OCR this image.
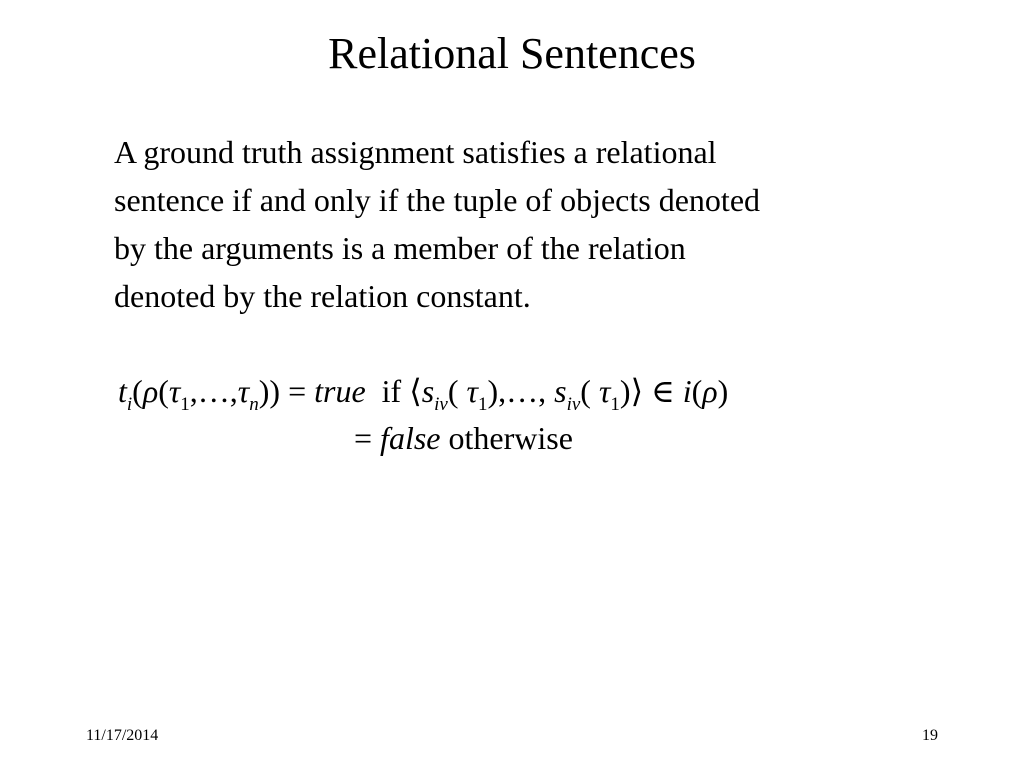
Relational Sentences
A ground truth assignment satisfies a relational
sentence if and only if the tuple of objects denoted
by the arguments is a member of the relation
denoted by the relation constant.
$t_i(\rho(\tau_1,\dots,\tau_n))$ = true if $⟨s_{iv}$( $\tau_1),\dots$, $s_{iv}$( $\tau_1)⟩$ ∈ i(ρ)
= false otherwise
11/17/2014	19
